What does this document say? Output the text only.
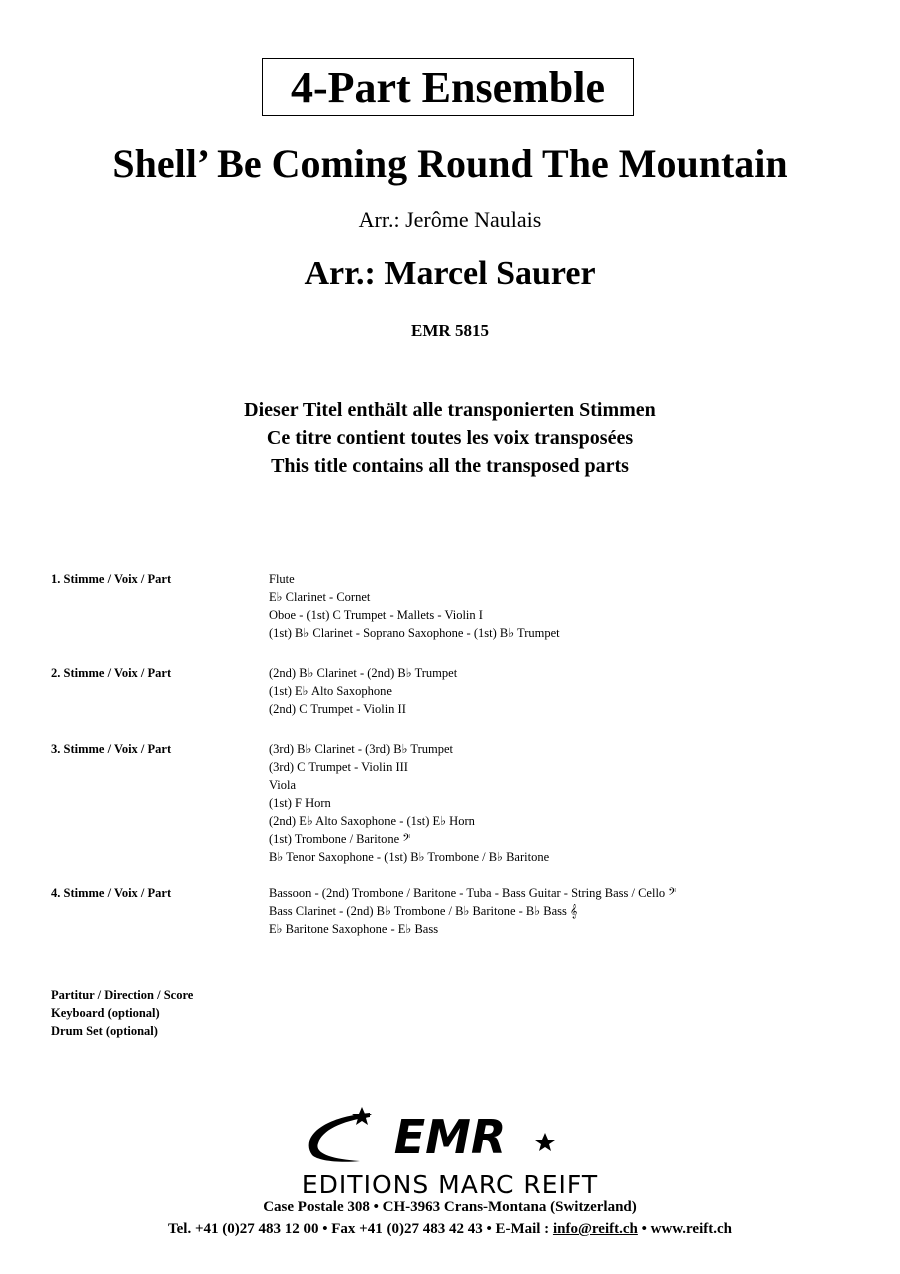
4-Part Ensemble
Shell’ Be Coming Round The Mountain
Arr.: Jerôme Naulais
Arr.: Marcel Saurer
EMR 5815
Dieser Titel enthält alle transponierten Stimmen
Ce titre contient toutes les voix transposées
This title contains all the transposed parts
1. Stimme / Voix / Part	Flute
E♭ Clarinet - Cornet
Oboe - (1st) C Trumpet - Mallets - Violin I
(1st) B♭ Clarinet - Soprano Saxophone - (1st) B♭ Trumpet
2. Stimme / Voix / Part	(2nd) B♭ Clarinet - (2nd) B♭ Trumpet
(1st) E♭ Alto Saxophone
(2nd) C Trumpet - Violin II
3. Stimme / Voix / Part	(3rd) B♭ Clarinet - (3rd) B♭ Trumpet
(3rd) C Trumpet - Violin III
Viola
(1st) F Horn
(2nd) E♭ Alto Saxophone - (1st) E♭ Horn
(1st) Trombone / Baritone 𝄢
B♭ Tenor Saxophone - (1st) B♭ Trombone / B♭ Baritone
4. Stimme / Voix / Part	Bassoon - (2nd) Trombone / Baritone - Tuba - Bass Guitar - String Bass / Cello 𝄢
Bass Clarinet - (2nd) B♭ Trombone / B♭ Baritone - B♭ Bass 𝄞
E♭ Baritone Saxophone - E♭ Bass
Partitur / Direction / Score
Keyboard (optional)
Drum Set (optional)
EMR
EDITIONS MARC REIFT
Case Postale 308 • CH-3963 Crans-Montana (Switzerland)
Tel. +41 (0)27 483 12 00 • Fax +41 (0)27 483 42 43 • E-Mail : info@reift.ch • www.reift.ch
